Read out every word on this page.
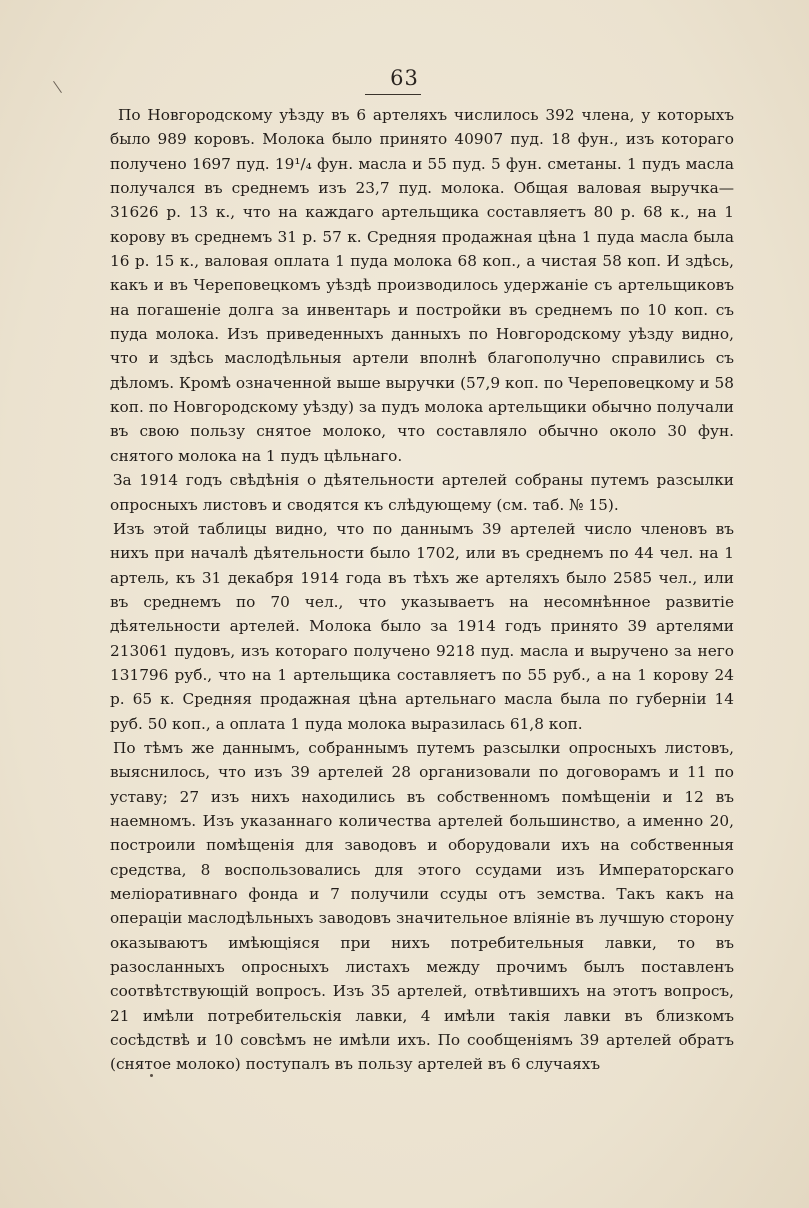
63

По Новгородскому уѣзду въ 6 артеляхъ числилось 392 члена, у которыхъ было 989 коровъ. Молока было принято 40907 пуд. 18 фун., изъ котораго получено 1697 пуд. 19¹/₄ фун. масла и 55 пуд. 5 фун. сметаны. 1 пудъ масла получался въ среднемъ изъ 23,7 пуд. молока. Общая валовая выручка—31626 р. 13 к., что на каждаго артельщика составляетъ 80 р. 68 к., на 1 корову въ среднемъ 31 р. 57 к. Средняя продажная цѣна 1 пуда масла была 16 р. 15 к., валовая оплата 1 пуда молока 68 коп., а чистая 58 коп. И здѣсь, какъ и въ Череповецкомъ уѣздѣ производилось удержаніе съ артельщиковъ на погашеніе долга за инвентарь и постройки въ среднемъ по 10 коп. съ пуда молока. Изъ приведенныхъ данныхъ по Новгородскому уѣзду видно, что и здѣсь маслодѣльныя артели вполнѣ благополучно справились съ дѣломъ. Кромѣ означенной выше выручки (57,9 коп. по Череповецкому и 58 коп. по Новгородскому уѣзду) за пудъ молока артельщики обычно получали въ свою пользу снятое молоко, что составляло обычно около 30 фун. снятого молока на 1 пудъ цѣльнаго.

За 1914 годъ свѣдѣнія о дѣятельности артелей собраны путемъ разсылки опросныхъ листовъ и сводятся къ слѣдующему (см. таб. № 15).

Изъ этой таблицы видно, что по даннымъ 39 артелей число членовъ въ нихъ при началѣ дѣятельности было 1702, или въ среднемъ по 44 чел. на 1 артель, къ 31 декабря 1914 года въ тѣхъ же артеляхъ было 2585 чел., или въ среднемъ по 70 чел., что указываетъ на несомнѣнное развитіе дѣятельности артелей. Молока было за 1914 годъ принято 39 артелями 213061 пудовъ, изъ котораго получено 9218 пуд. масла и выручено за него 131796 руб., что на 1 артельщика составляетъ по 55 руб., а на 1 корову 24 р. 65 к. Средняя продажная цѣна артельнаго масла была по губерніи 14 руб. 50 коп., а оплата 1 пуда молока выразилась 61,8 коп.

По тѣмъ же даннымъ, собраннымъ путемъ разсылки опросныхъ листовъ, выяснилось, что изъ 39 артелей 28 организовали по договорамъ и 11 по уставу; 27 изъ нихъ находились въ собственномъ помѣщеніи и 12 въ наемномъ. Изъ указаннаго количества артелей большинство, а именно 20, построили помѣщенія для заводовъ и оборудовали ихъ на собственныя средства, 8 воспользовались для этого ссудами изъ Императорскаго меліоративнаго фонда и 7 получили ссуды отъ земства. Такъ какъ на операціи маслодѣльныхъ заводовъ значительное вліяніе въ лучшую сторону оказываютъ имѣющіяся при нихъ потребительныя лавки, то въ разосланныхъ опросныхъ листахъ между прочимъ былъ поставленъ соотвѣтствующій вопросъ. Изъ 35 артелей, отвѣтившихъ на этотъ вопросъ, 21 имѣли потребительскія лавки, 4 имѣли такія лавки въ близкомъ сосѣдствѣ и 10 совсѣмъ не имѣли ихъ. По сообщеніямъ 39 артелей обратъ (снятое молоко) поступалъ въ пользу артелей въ 6 случаяхъ
